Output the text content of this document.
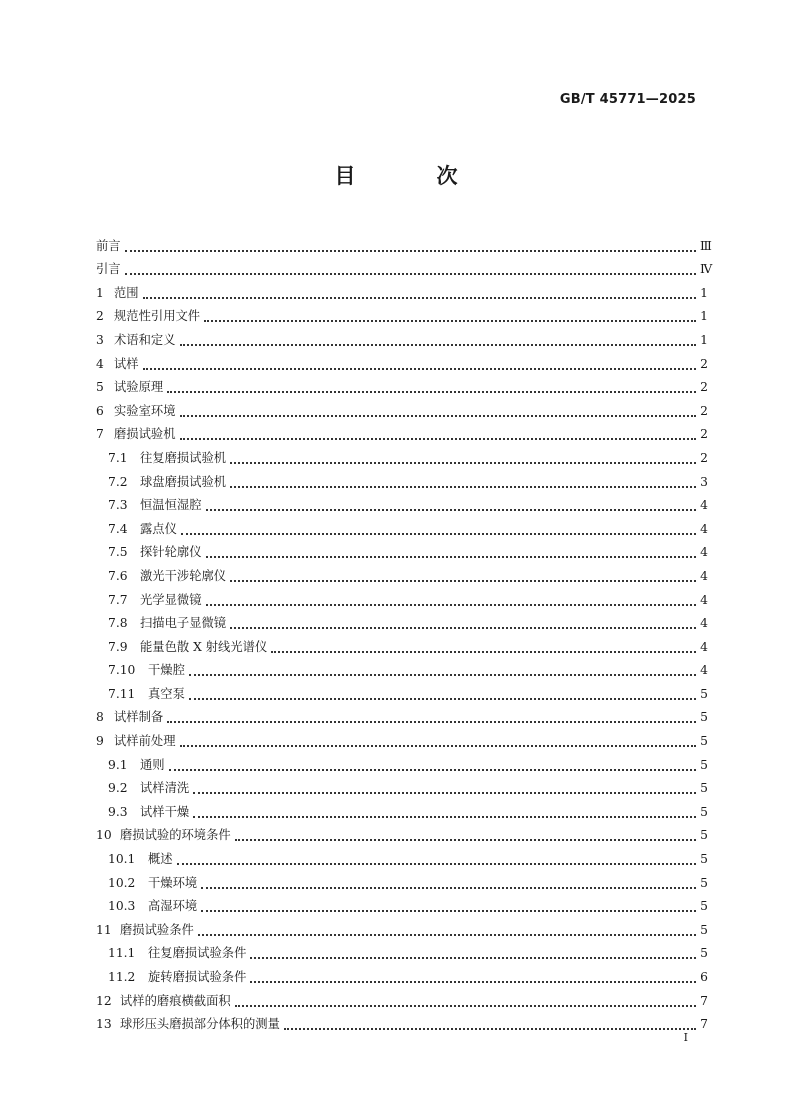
GB/T 45771—2025
目　次
前言	Ⅲ
引言	Ⅳ
1 范围	1
2 规范性引用文件	1
3 术语和定义	1
4 试样	2
5 试验原理	2
6 实验室环境	2
7 磨损试验机	2
7.1 往复磨损试验机	2
7.2 球盘磨损试验机	3
7.3 恒温恒湿腔	4
7.4 露点仪	4
7.5 探针轮廓仪	4
7.6 激光干涉轮廓仪	4
7.7 光学显微镜	4
7.8 扫描电子显微镜	4
7.9 能量色散 X 射线光谱仪	4
7.10 干燥腔	4
7.11 真空泵	5
8 试样制备	5
9 试样前处理	5
9.1 通则	5
9.2 试样清洗	5
9.3 试样干燥	5
10 磨损试验的环境条件	5
10.1 概述	5
10.2 干燥环境	5
10.3 高湿环境	5
11 磨损试验条件	5
11.1 往复磨损试验条件	5
11.2 旋转磨损试验条件	6
12 试样的磨痕横截面积	7
13 球形压头磨损部分体积的测量	7
I
